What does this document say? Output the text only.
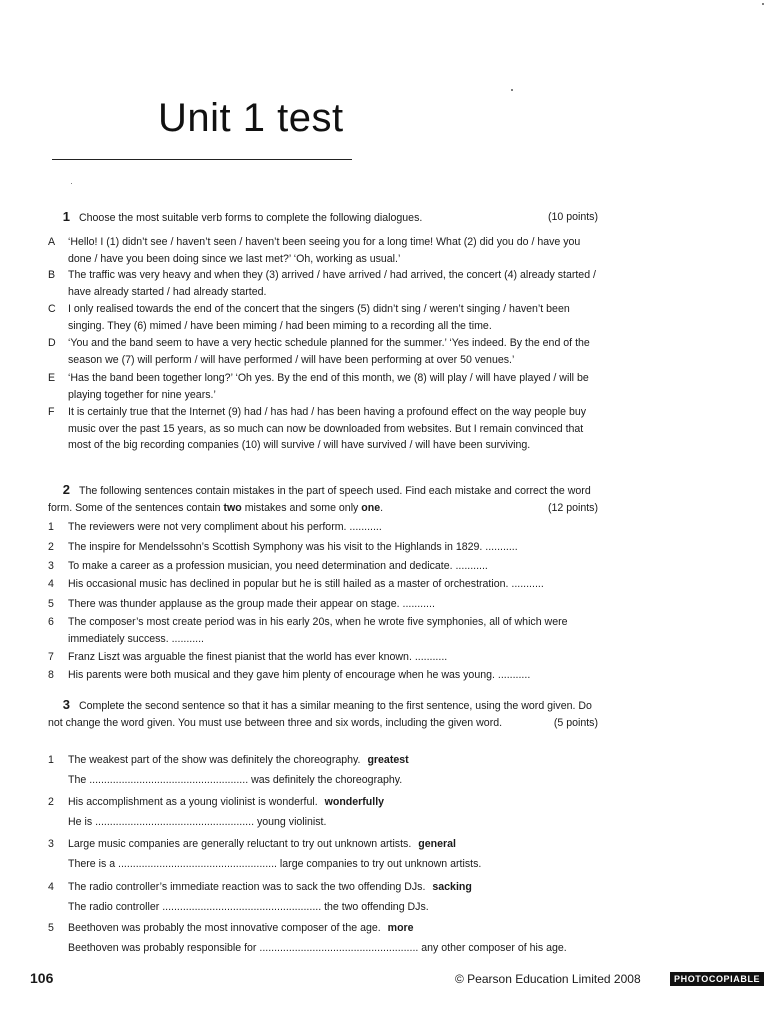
Unit 1 test
1 Choose the most suitable verb forms to complete the following dialogues.	(10 points)
A ‘Hello! I (1) didn’t see / haven’t seen / haven’t been seeing you for a long time! What (2) did you do / have you done / have you been doing since we last met?’ ‘Oh, working as usual.’
B The traffic was very heavy and when they (3) arrived / have arrived / had arrived, the concert (4) already started / have already started / had already started.
C I only realised towards the end of the concert that the singers (5) didn’t sing / weren’t singing / haven’t been singing. They (6) mimed / have been miming / had been miming to a recording all the time.
D ‘You and the band seem to have a very hectic schedule planned for the summer.’ ‘Yes indeed. By the end of the season we (7) will perform / will have performed / will have been performing at over 50 venues.’
E ‘Has the band been together long?’ ‘Oh yes. By the end of this month, we (8) will play / will have played / will be playing together for nine years.’
F It is certainly true that the Internet (9) had / has had / has been having a profound effect on the way people buy music over the past 15 years, as so much can now be downloaded from websites. But I remain convinced that most of the big recording companies (10) will survive / will have survived / will have been surviving.
2 The following sentences contain mistakes in the part of speech used. Find each mistake and correct the word form. Some of the sentences contain two mistakes and some only one.	(12 points)
1 The reviewers were not very compliment about his perform. ...........
2 The inspire for Mendelssohn’s Scottish Symphony was his visit to the Highlands in 1829. ...........
3 To make a career as a profession musician, you need determination and dedicate. ...........
4 His occasional music has declined in popular but he is still hailed as a master of orchestration. ...........
5 There was thunder applause as the group made their appear on stage. ...........
6 The composer’s most create period was in his early 20s, when he wrote five symphonies, all of which were immediately success. ...........
7 Franz Liszt was arguable the finest pianist that the world has ever known. ...........
8 His parents were both musical and they gave him plenty of encourage when he was young. ...........
3 Complete the second sentence so that it has a similar meaning to the first sentence, using the word given. Do not change the word given. You must use between three and six words, including the given word.	(5 points)
1 The weakest part of the show was definitely the choreography. greatest
The ...................................................... was definitely the choreography.
2 His accomplishment as a young violinist is wonderful. wonderfully
He is ...................................................... young violinist.
3 Large music companies are generally reluctant to try out unknown artists. general
There is a ...................................................... large companies to try out unknown artists.
4 The radio controller’s immediate reaction was to sack the two offending DJs. sacking
The radio controller ...................................................... the two offending DJs.
5 Beethoven was probably the most innovative composer of the age. more
Beethoven was probably responsible for ...................................................... any other composer of his age.
106	© Pearson Education Limited 2008	PHOTOCOPIABLE
